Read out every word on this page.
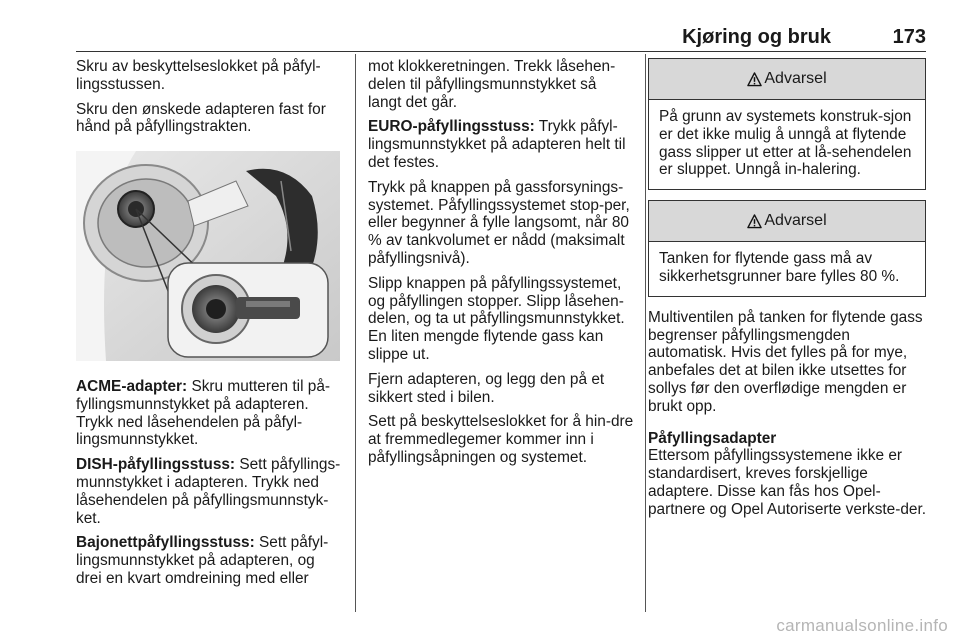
Kjøring og bruk	173

Skru av beskyttelseslokket på påfyl-lingsstussen.

Skru den ønskede adapteren fast for hånd på påfyllingstrakten.

ACME-adapter: Skru mutteren til på-fyllingsmunnstykket på adapteren. Trykk ned låsehendelen på påfyl-lingsmunnstykket.

DISH-påfyllingsstuss: Sett påfyllings-munnstykket i adapteren. Trykk ned låsehendelen på påfyllingsmunnstyk-ket.

Bajonettpåfyllingsstuss: Sett påfyl-lingsmunnstykket på adapteren, og drei en kvart omdreining med eller

mot klokkeretningen. Trekk låsehen-delen til påfyllingsmunnstykket så langt det går.

EURO-påfyllingsstuss: Trykk påfyl-lingsmunnstykket på adapteren helt til det festes.

Trykk på knappen på gassforsynings-systemet. Påfyllingssystemet stop-per, eller begynner å fylle langsomt, når 80 % av tankvolumet er nådd (maksimalt påfyllingsnivå).

Slipp knappen på påfyllingssystemet, og påfyllingen stopper. Slipp låsehen-delen, og ta ut påfyllingsmunnstykket. En liten mengde flytende gass kan slippe ut.

Fjern adapteren, og legg den på et sikkert sted i bilen.

Sett på beskyttelseslokket for å hin-dre at fremmedlegemer kommer inn i påfyllingsåpningen og systemet.

Advarsel
På grunn av systemets konstruk-sjon er det ikke mulig å unngå at flytende gass slipper ut etter at lå-sehendelen er sluppet. Unngå in-halering.
Advarsel
Tanken for flytende gass må av sikkerhetsgrunner bare fylles 80 %.

Multiventilen på tanken for flytende gass begrenser påfyllingsmengden automatisk. Hvis det fylles på for mye, anbefales det at bilen ikke utsettes for sollys før den overflødige mengden er brukt opp.

Påfyllingsadapter

Ettersom påfyllingssystemene ikke er standardisert, kreves forskjellige adaptere. Disse kan fås hos Opel-partnere og Opel Autoriserte verkste-der.

carmanualsonline.info
